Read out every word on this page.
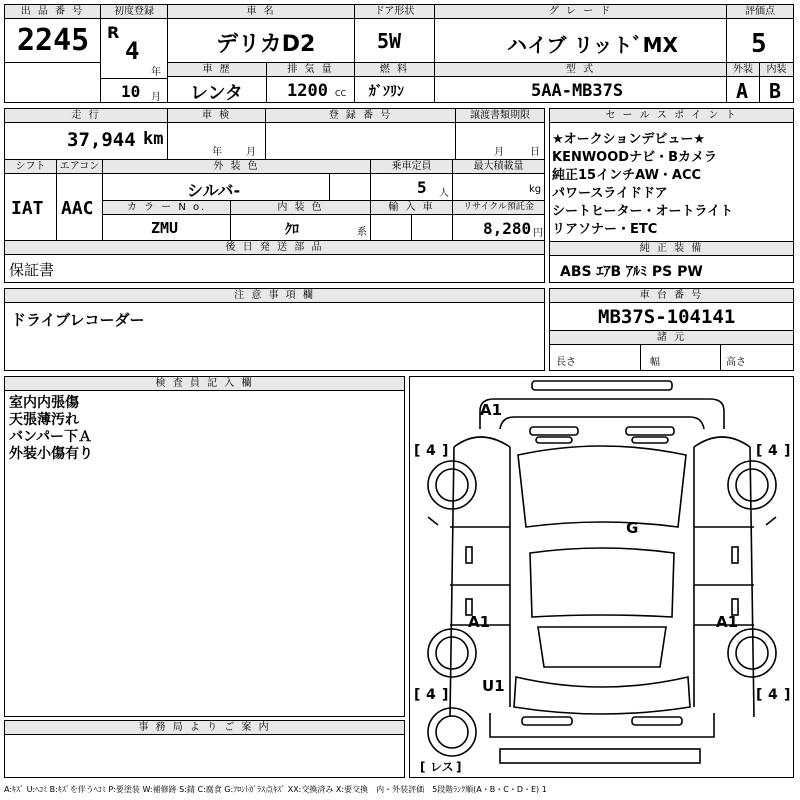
出 品 番 号
2245
初度登録
R
4
年
10 月
車 名
デリカD2
ドア形状
5W
グ レ ー ド
ハイブ リットﾞMX
評価点
5
車 歴
レンタ
排 気 量
1200 CC
燃 料
ｶﾞｿﾘﾝ
型 式
5AA-MB37S
外装
A
内装
B
走 行
37,944 km
車 検
年 月
登 録 番 号	譲渡書類期限
月	日
シフト
IAT
エアコン
AAC
外 装 色
シルバ-
乗車定員
5 人
最大積載量
kg
カ ラ ー N o.
ZMU
内 装 色
ｸﾛ	系
輸 入 車	リサイクル預託金
8,280 円
後 日 発 送 部 品
保証書
セ ー ル ス ポ イ ン ト
★オークションデビュー★
KENWOODナビ・Bカメラ
純正15インチAW・ACC
パワースライドドア
シートヒーター・オートライト
リアソナー・ETC
純 正 装 備
ABS ｴｱB ｱﾙﾐ PS PW
注 意 事 項 欄
ドライブレコーダー
車 台 番 号
MB37S-104141
諸 元
長さ	幅	高さ
検 査 員 記 入 欄
室内内張傷
天張薄汚れ
バンパー下Ａ
外装小傷有り
事 務 局 よ り ご 案 内
[ 4 ]	[ 4 ]
[ 4 ]	[ 4 ]
[ レス ]
A1
G
A1	A1
U1
A:ｷｽﾞ U:ﾍｺﾐ B:ｷｽﾞを伴うﾍｺﾐ P:要塗装 W:補修跡 S:錆 C:腐食 G:ﾌﾛﾝﾄｶﾞﾗｽ点ｷｽﾞ XX:交換済み X:要交換　内・外装評価　5段階ﾗﾝｸ順(A・B・C・D・E) 1
